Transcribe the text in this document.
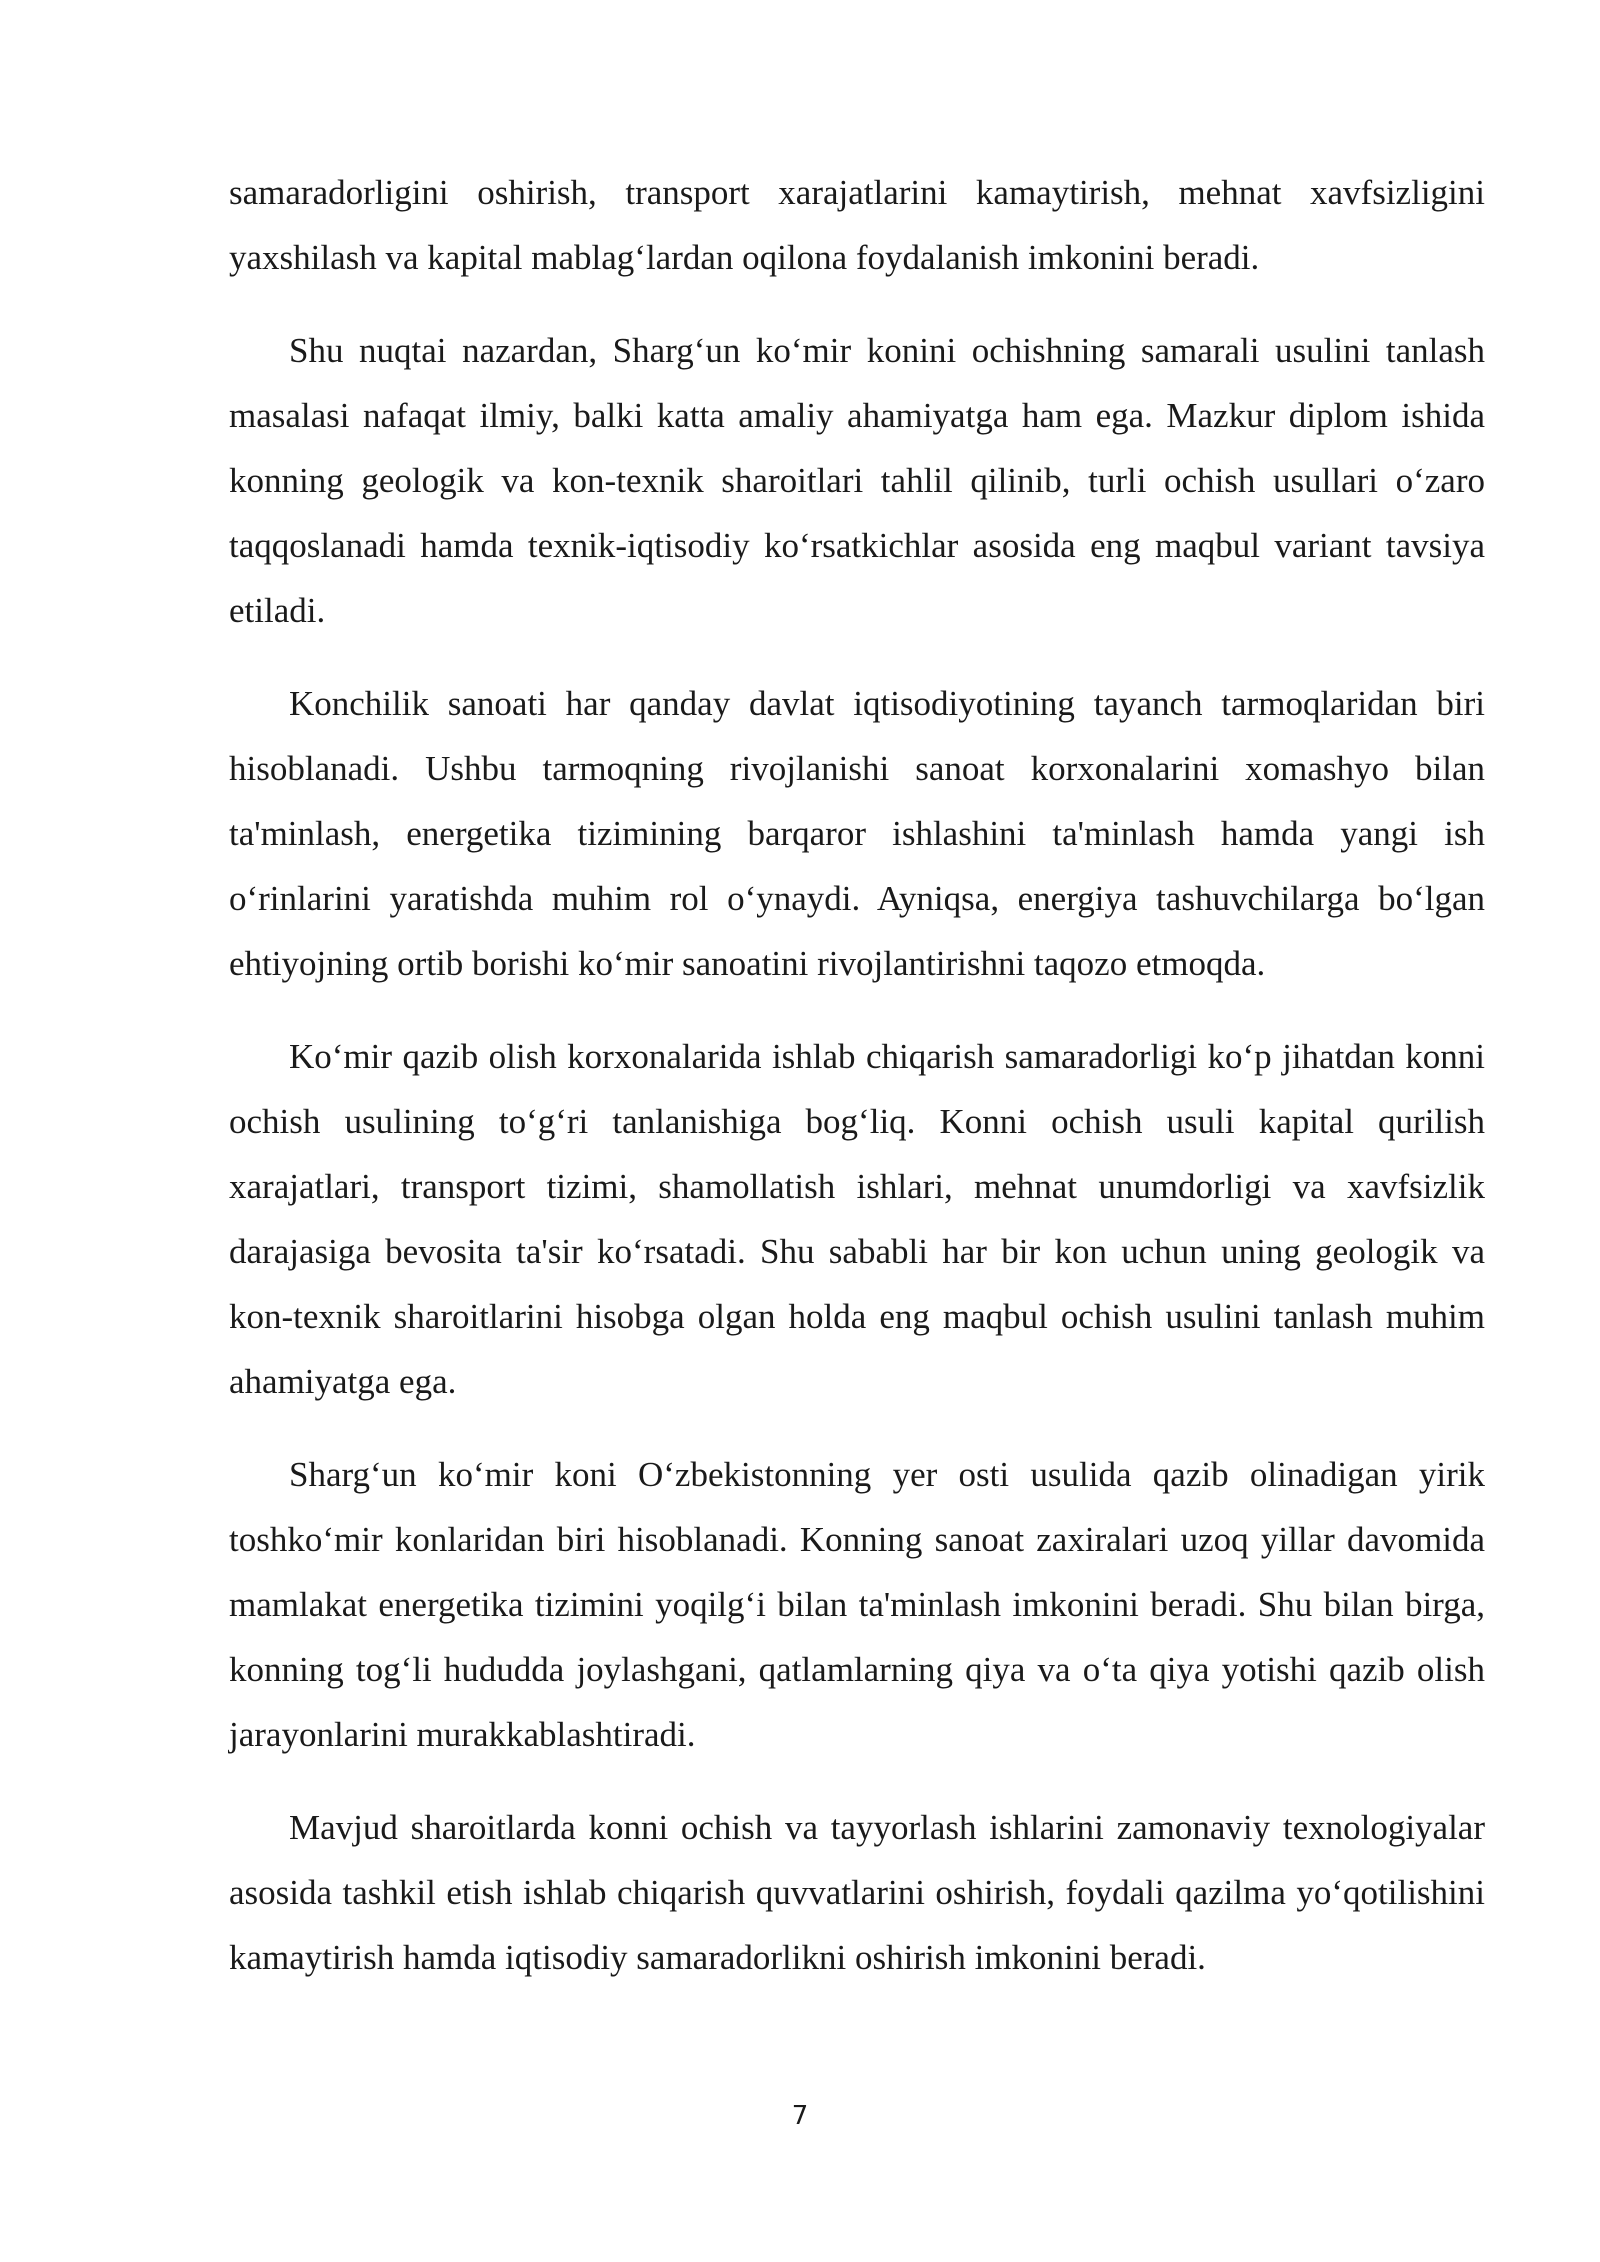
samaradorligini oshirish, transport xarajatlarini kamaytirish, mehnat xavfsizligini yaxshilash va kapital mablag‘lardan oqilona foydalanish imkonini beradi.

Shu nuqtai nazardan, Sharg‘un ko‘mir konini ochishning samarali usulini tanlash masalasi nafaqat ilmiy, balki katta amaliy ahamiyatga ham ega. Mazkur diplom ishida konning geologik va kon-texnik sharoitlari tahlil qilinib, turli ochish usullari o‘zaro taqqoslanadi hamda texnik-iqtisodiy ko‘rsatkichlar asosida eng maqbul variant tavsiya etiladi.

Konchilik sanoati har qanday davlat iqtisodiyotining tayanch tarmoqlaridan biri hisoblanadi. Ushbu tarmoqning rivojlanishi sanoat korxonalarini xomashyo bilan ta'minlash, energetika tizimining barqaror ishlashini ta'minlash hamda yangi ish o‘rinlarini yaratishda muhim rol o‘ynaydi. Ayniqsa, energiya tashuvchilarga bo‘lgan ehtiyojning ortib borishi ko‘mir sanoatini rivojlantirishni taqozo etmoqda.

Ko‘mir qazib olish korxonalarida ishlab chiqarish samaradorligi ko‘p jihatdan konni ochish usulining to‘g‘ri tanlanishiga bog‘liq. Konni ochish usuli kapital qurilish xarajatlari, transport tizimi, shamollatish ishlari, mehnat unumdorligi va xavfsizlik darajasiga bevosita ta'sir ko‘rsatadi. Shu sababli har bir kon uchun uning geologik va kon-texnik sharoitlarini hisobga olgan holda eng maqbul ochish usulini tanlash muhim ahamiyatga ega.

Sharg‘un ko‘mir koni O‘zbekistonning yer osti usulida qazib olinadigan yirik toshko‘mir konlaridan biri hisoblanadi. Konning sanoat zaxiralari uzoq yillar davomida mamlakat energetika tizimini yoqilg‘i bilan ta'minlash imkonini beradi. Shu bilan birga, konning tog‘li hududda joylashgani, qatlamlarning qiya va o‘ta qiya yotishi qazib olish jarayonlarini murakkablashtiradi.

Mavjud sharoitlarda konni ochish va tayyorlash ishlarini zamonaviy texnologiyalar asosida tashkil etish ishlab chiqarish quvvatlarini oshirish, foydali qazilma yo‘qotilishini kamaytirish hamda iqtisodiy samaradorlikni oshirish imkonini beradi.

7
